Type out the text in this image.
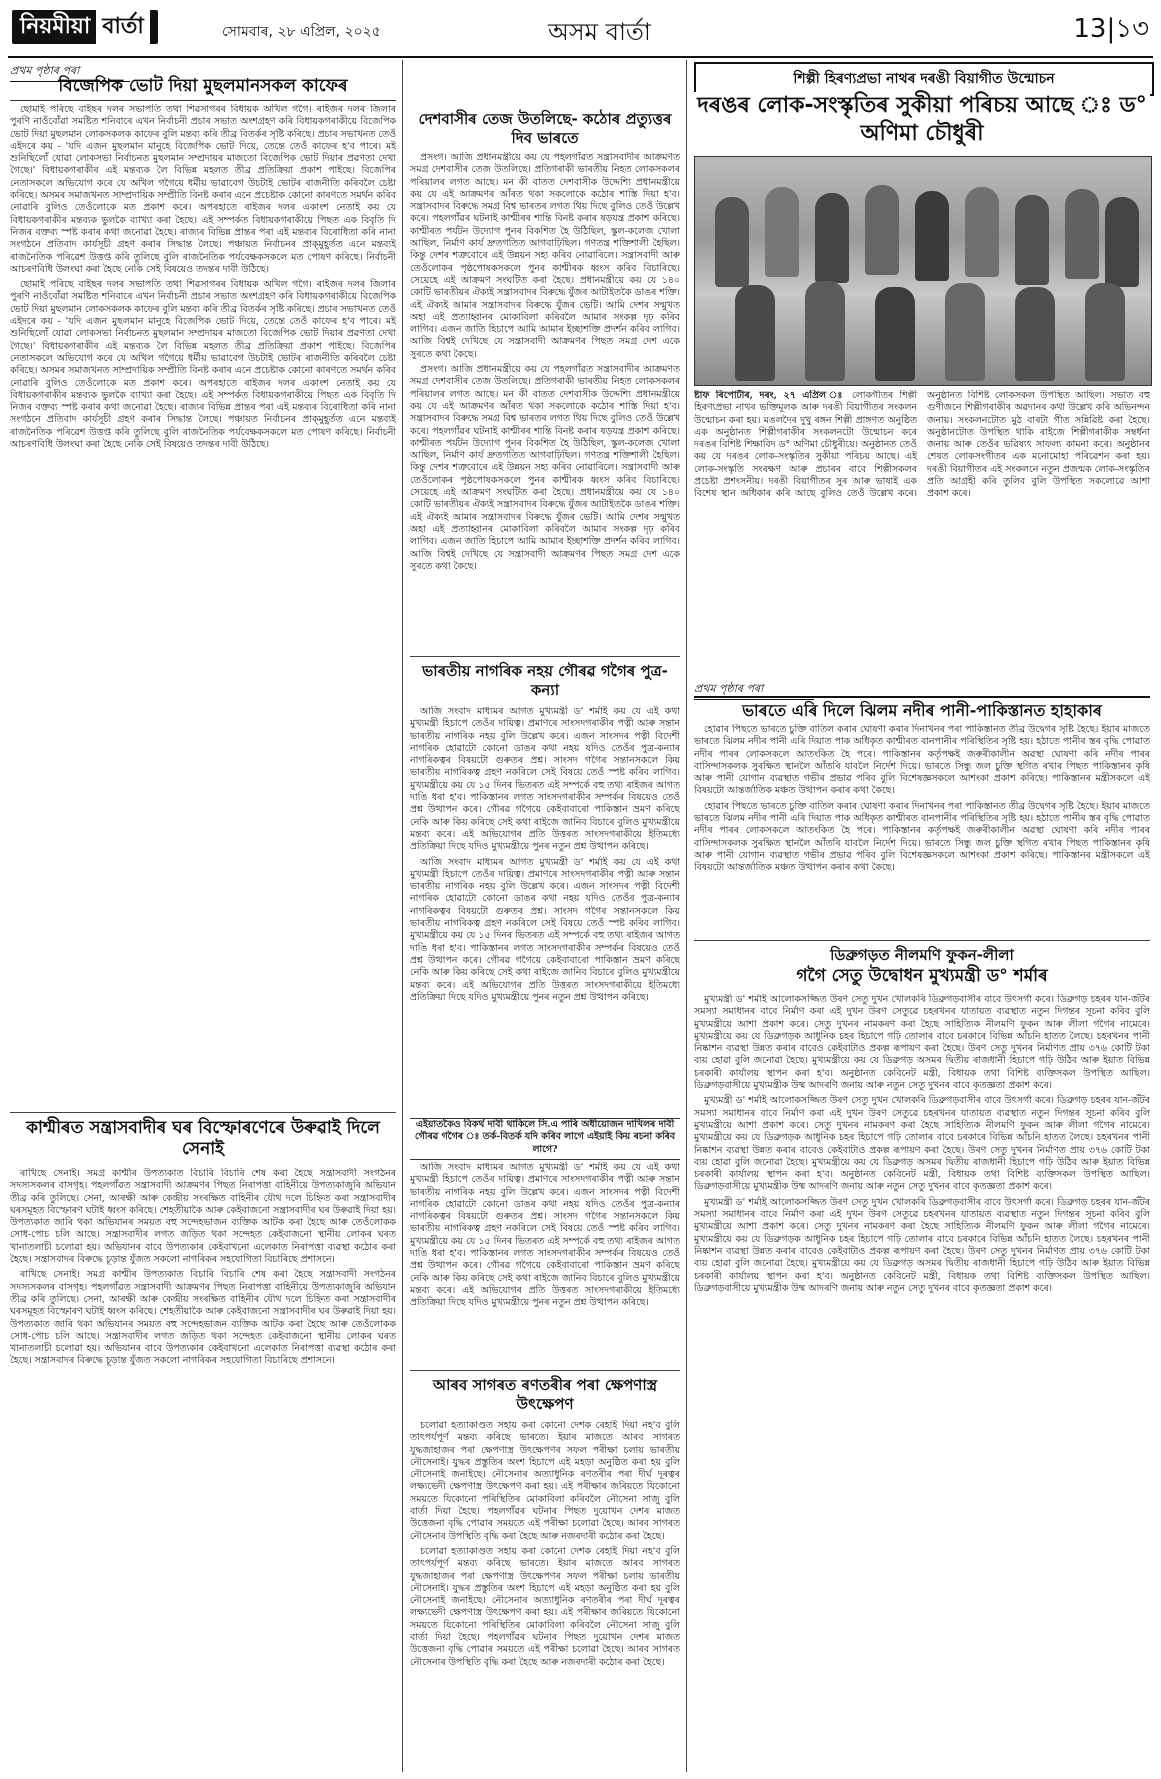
নিয়মীয়া বাৰ্তা	সোমবাৰ, ২৮ এপ্ৰিল, ২০২৫	অসম বাৰ্তা	13|১৩
প্ৰথম পৃষ্ঠাৰ পৰা
বিজেপিক ভোট দিয়া মুছলমানসকল কাফেৰ

ছোমাই পৰিছে বাইছৰ দলৰ সভাপতি তথা শিৱসাগৰৰ বিধায়ক অখিল গগৈ। ৰাইজৰ দলৰ জিলাৰ পুৰণি নাওঁবোঁৱা সমষ্টিত শনিবাৰে এখন নিৰ্বাচনী প্ৰচাৰ সভাত অংশগ্ৰহণ কৰি বিধায়কগৰাকীয়ে বিজেপিক ভোট দিয়া মুছলমান লোকসকলক কাফেৰ বুলি মন্তব্য কৰি তীব্ৰ বিতৰ্কৰ সৃষ্টি কৰিছে। প্ৰচাৰ সভাখনত তেওঁ এইদৰে কয় - 'যদি এজন মুছলমান মানুহে বিজেপিক ভোট দিয়ে, তেন্তে তেওঁ কাফেৰ হ'ব পাৰে। মই শুনিছিলোঁ যোৱা লোকসভা নিৰ্বাচনত মুছলমান সম্প্ৰদায়ৰ মাজতো বিজেপিক ভোট দিয়াৰ প্ৰৱণতা দেখা গৈছে।' বিধায়কগৰাকীৰ এই মন্তব্যক লৈ বিভিন্ন মহলত তীব্ৰ প্ৰতিক্ৰিয়া প্ৰকাশ পাইছে। বিজেপিৰ নেতাসকলে অভিযোগ কৰে যে অখিল গগৈয়ে ধৰ্মীয় ভাৱাবেগ উচটাই ভোটৰ ৰাজনীতি কৰিবলৈ চেষ্টা কৰিছে। অসমৰ সমাজখনত সাম্প্ৰদায়িক সম্প্ৰীতি বিনষ্ট কৰাৰ এনে প্ৰচেষ্টাক কোনো কাৰণতে সমৰ্থন কৰিব নোৱাৰি বুলিও তেওঁলোকে মত প্ৰকাশ কৰে। অপৰহাতে ৰাইজৰ দলৰ একাংশ নেতাই কয় যে বিধায়কগৰাকীৰ মন্তব্যক ভুলকৈ ব্যাখ্যা কৰা হৈছে। এই সম্পৰ্কত বিধায়কগৰাকীয়ে পিছত এক বিবৃতি দি নিজৰ বক্তব্য স্পষ্ট কৰাৰ কথা জনোৱা হৈছে। ৰাজ্যৰ বিভিন্ন প্ৰান্তৰ পৰা এই মন্তব্যৰ বিৰোধিতা কৰি নানা সংগঠনে প্ৰতিবাদ কাৰ্যসূচী গ্ৰহণ কৰাৰ সিদ্ধান্ত লৈছে। পঞ্চায়ত নিৰ্বাচনৰ প্ৰাক্‌মুহূৰ্তত এনে মন্তব্যই ৰাজনৈতিক পৰিৱেশ উত্তপ্ত কৰি তুলিছে বুলি ৰাজনৈতিক পৰ্যবেক্ষকসকলে মত পোষণ কৰিছে। নিৰ্বাচনী আচৰণবিধি উলংঘা কৰা হৈছে নেকি সেই বিষয়েও তদন্তৰ দাবী উঠিছে।

ছোমাই পৰিছে বাইছৰ দলৰ সভাপতি তথা শিৱসাগৰৰ বিধায়ক অখিল গগৈ। ৰাইজৰ দলৰ জিলাৰ পুৰণি নাওঁবোঁৱা সমষ্টিত শনিবাৰে এখন নিৰ্বাচনী প্ৰচাৰ সভাত অংশগ্ৰহণ কৰি বিধায়কগৰাকীয়ে বিজেপিক ভোট দিয়া মুছলমান লোকসকলক কাফেৰ বুলি মন্তব্য কৰি তীব্ৰ বিতৰ্কৰ সৃষ্টি কৰিছে। প্ৰচাৰ সভাখনত তেওঁ এইদৰে কয় - 'যদি এজন মুছলমান মানুহে বিজেপিক ভোট দিয়ে, তেন্তে তেওঁ কাফেৰ হ'ব পাৰে। মই শুনিছিলোঁ যোৱা লোকসভা নিৰ্বাচনত মুছলমান সম্প্ৰদায়ৰ মাজতো বিজেপিক ভোট দিয়াৰ প্ৰৱণতা দেখা গৈছে।' বিধায়কগৰাকীৰ এই মন্তব্যক লৈ বিভিন্ন মহলত তীব্ৰ প্ৰতিক্ৰিয়া প্ৰকাশ পাইছে। বিজেপিৰ নেতাসকলে অভিযোগ কৰে যে অখিল গগৈয়ে ধৰ্মীয় ভাৱাবেগ উচটাই ভোটৰ ৰাজনীতি কৰিবলৈ চেষ্টা কৰিছে। অসমৰ সমাজখনত সাম্প্ৰদায়িক সম্প্ৰীতি বিনষ্ট কৰাৰ এনে প্ৰচেষ্টাক কোনো কাৰণতে সমৰ্থন কৰিব নোৱাৰি বুলিও তেওঁলোকে মত প্ৰকাশ কৰে। অপৰহাতে ৰাইজৰ দলৰ একাংশ নেতাই কয় যে বিধায়কগৰাকীৰ মন্তব্যক ভুলকৈ ব্যাখ্যা কৰা হৈছে। এই সম্পৰ্কত বিধায়কগৰাকীয়ে পিছত এক বিবৃতি দি নিজৰ বক্তব্য স্পষ্ট কৰাৰ কথা জনোৱা হৈছে। ৰাজ্যৰ বিভিন্ন প্ৰান্তৰ পৰা এই মন্তব্যৰ বিৰোধিতা কৰি নানা সংগঠনে প্ৰতিবাদ কাৰ্যসূচী গ্ৰহণ কৰাৰ সিদ্ধান্ত লৈছে। পঞ্চায়ত নিৰ্বাচনৰ প্ৰাক্‌মুহূৰ্তত এনে মন্তব্যই ৰাজনৈতিক পৰিৱেশ উত্তপ্ত কৰি তুলিছে বুলি ৰাজনৈতিক পৰ্যবেক্ষকসকলে মত পোষণ কৰিছে। নিৰ্বাচনী আচৰণবিধি উলংঘা কৰা হৈছে নেকি সেই বিষয়েও তদন্তৰ দাবী উঠিছে।

কাশ্মীৰত সন্ত্ৰাসবাদীৰ ঘৰ বিস্ফোৰণেৰে উৰুৱাই দিলে সেনাই

ৰাখিছে সেনাই। সমগ্ৰ কাশ্মীৰ উপত্যকাত বিচাৰি বিচাৰি শেষ কৰা হৈছে সন্ত্ৰাসবাদী সংগঠনৰ সদস্যসকলৰ বাসগৃহ। পহলগাঁৱত সন্ত্ৰাসবাদী আক্ৰমণৰ পিছত নিৰাপত্তা বাহিনীয়ে উপত্যকাজুৰি অভিযান তীব্ৰ কৰি তুলিছে। সেনা, আৰক্ষী আৰু কেন্দ্ৰীয় সংৰক্ষিত বাহিনীৰ যৌথ দলে চিহ্নিত কৰা সন্ত্ৰাসবাদীৰ ঘৰসমূহত বিস্ফোৰণ ঘটাই ধ্বংস কৰিছে। শেহতীয়াকৈ আৰু কেইবাজনো সন্ত্ৰাসবাদীৰ ঘৰ উৰুৱাই দিয়া হয়। উপত্যকাত জাৰি থকা অভিযানৰ সময়ত বহু সন্দেহভাজন ব্যক্তিক আটক কৰা হৈছে আৰু তেওঁলোকক সোধ-পোচ চলি আছে। সন্ত্ৰাসবাদীৰ লগত জড়িত থকা সন্দেহত কেইবাজনো স্থানীয় লোকৰ ঘৰত খানাতলাচী চলোৱা হয়। অভিযানৰ বাবে উপত্যকাৰ কেইবাখনো এলেকাত নিৰাপত্তা ব্যৱস্থা কঠোৰ কৰা হৈছে। সন্ত্ৰাসবাদৰ বিৰুদ্ধে চূড়ান্ত যুঁজত সকলো নাগৰিকৰ সহযোগিতা বিচাৰিছে প্ৰশাসনে।

ৰাখিছে সেনাই। সমগ্ৰ কাশ্মীৰ উপত্যকাত বিচাৰি বিচাৰি শেষ কৰা হৈছে সন্ত্ৰাসবাদী সংগঠনৰ সদস্যসকলৰ বাসগৃহ। পহলগাঁৱত সন্ত্ৰাসবাদী আক্ৰমণৰ পিছত নিৰাপত্তা বাহিনীয়ে উপত্যকাজুৰি অভিযান তীব্ৰ কৰি তুলিছে। সেনা, আৰক্ষী আৰু কেন্দ্ৰীয় সংৰক্ষিত বাহিনীৰ যৌথ দলে চিহ্নিত কৰা সন্ত্ৰাসবাদীৰ ঘৰসমূহত বিস্ফোৰণ ঘটাই ধ্বংস কৰিছে। শেহতীয়াকৈ আৰু কেইবাজনো সন্ত্ৰাসবাদীৰ ঘৰ উৰুৱাই দিয়া হয়। উপত্যকাত জাৰি থকা অভিযানৰ সময়ত বহু সন্দেহভাজন ব্যক্তিক আটক কৰা হৈছে আৰু তেওঁলোকক সোধ-পোচ চলি আছে। সন্ত্ৰাসবাদীৰ লগত জড়িত থকা সন্দেহত কেইবাজনো স্থানীয় লোকৰ ঘৰত খানাতলাচী চলোৱা হয়। অভিযানৰ বাবে উপত্যকাৰ কেইবাখনো এলেকাত নিৰাপত্তা ব্যৱস্থা কঠোৰ কৰা হৈছে। সন্ত্ৰাসবাদৰ বিৰুদ্ধে চূড়ান্ত যুঁজত সকলো নাগৰিকৰ সহযোগিতা বিচাৰিছে প্ৰশাসনে।

দেশবাসীৰ তেজ উতলিছে- কঠোৰ প্ৰত্যুত্তৰ দিব ভাৰতে

প্ৰসংগ। আজি প্ৰধানমন্ত্ৰীয়ে কয় যে পহলগাঁৱত সন্ত্ৰাসবাদীৰ আক্ৰমণত সমগ্ৰ দেশবাসীৰ তেজ উতলিছে। প্ৰতিগৰাকী ভাৰতীয় নিহত লোকসকলৰ পৰিয়ালৰ লগত আছে। মন কী বাতত দেশবাসীক উদ্দেশ্যি প্ৰধানমন্ত্ৰীয়ে কয় যে এই আক্ৰমণৰ আঁৰত থকা সকলোকে কঠোৰ শাস্তি দিয়া হ'ব। সন্ত্ৰাসবাদৰ বিৰুদ্ধে সমগ্ৰ বিশ্ব ভাৰতৰ লগত থিয় দিছে বুলিও তেওঁ উল্লেখ কৰে। পহলগাঁৱৰ ঘটনাই কাশ্মীৰৰ শান্তি বিনষ্ট কৰাৰ ষড়যন্ত্ৰ প্ৰকাশ কৰিছে। কাশ্মীৰত পৰ্যটন উদ্যোগ পুনৰ বিকশিত হৈ উঠিছিল, স্কুল-কলেজ খোলা আছিল, নিৰ্মাণ কাৰ্য দ্ৰুতগতিত আগবাঢ়িছিল। গণতন্ত্ৰ শক্তিশালী হৈছিল। কিন্তু দেশৰ শত্ৰুবোৰে এই উন্নয়ন সহ্য কৰিব নোৱাৰিলে। সন্ত্ৰাসবাদী আৰু তেওঁলোকৰ পৃষ্ঠপোষকসকলে পুনৰ কাশ্মীৰক ধ্বংস কৰিব বিচাৰিছে। সেয়েহে এই আক্ৰমণ সংঘটিত কৰা হৈছে। প্ৰধানমন্ত্ৰীয়ে কয় যে ১৪০ কোটি ভাৰতীয়ৰ ঐক্যই সন্ত্ৰাসবাদৰ বিৰুদ্ধে যুঁজৰ আটাইতকৈ ডাঙৰ শক্তি। এই ঐক্যই আমাৰ সন্ত্ৰাসবাদৰ বিৰুদ্ধে যুঁজৰ ভেটি। আমি দেশৰ সন্মুখত অহা এই প্ৰত্যাহ্বানৰ মোকাবিলা কৰিবলৈ আমাৰ সংকল্প দৃঢ় কৰিব লাগিব। এজন জাতি হিচাপে আমি আমাৰ ইচ্ছাশক্তি প্ৰদৰ্শন কৰিব লাগিব। আজি বিশ্বই দেখিছে যে সন্ত্ৰাসবাদী আক্ৰমণৰ পিছত সমগ্ৰ দেশ একে সুৰতে কথা কৈছে।

প্ৰসংগ। আজি প্ৰধানমন্ত্ৰীয়ে কয় যে পহলগাঁৱত সন্ত্ৰাসবাদীৰ আক্ৰমণত সমগ্ৰ দেশবাসীৰ তেজ উতলিছে। প্ৰতিগৰাকী ভাৰতীয় নিহত লোকসকলৰ পৰিয়ালৰ লগত আছে। মন কী বাতত দেশবাসীক উদ্দেশ্যি প্ৰধানমন্ত্ৰীয়ে কয় যে এই আক্ৰমণৰ আঁৰত থকা সকলোকে কঠোৰ শাস্তি দিয়া হ'ব। সন্ত্ৰাসবাদৰ বিৰুদ্ধে সমগ্ৰ বিশ্ব ভাৰতৰ লগত থিয় দিছে বুলিও তেওঁ উল্লেখ কৰে। পহলগাঁৱৰ ঘটনাই কাশ্মীৰৰ শান্তি বিনষ্ট কৰাৰ ষড়যন্ত্ৰ প্ৰকাশ কৰিছে। কাশ্মীৰত পৰ্যটন উদ্যোগ পুনৰ বিকশিত হৈ উঠিছিল, স্কুল-কলেজ খোলা আছিল, নিৰ্মাণ কাৰ্য দ্ৰুতগতিত আগবাঢ়িছিল। গণতন্ত্ৰ শক্তিশালী হৈছিল। কিন্তু দেশৰ শত্ৰুবোৰে এই উন্নয়ন সহ্য কৰিব নোৱাৰিলে। সন্ত্ৰাসবাদী আৰু তেওঁলোকৰ পৃষ্ঠপোষকসকলে পুনৰ কাশ্মীৰক ধ্বংস কৰিব বিচাৰিছে। সেয়েহে এই আক্ৰমণ সংঘটিত কৰা হৈছে। প্ৰধানমন্ত্ৰীয়ে কয় যে ১৪০ কোটি ভাৰতীয়ৰ ঐক্যই সন্ত্ৰাসবাদৰ বিৰুদ্ধে যুঁজৰ আটাইতকৈ ডাঙৰ শক্তি। এই ঐক্যই আমাৰ সন্ত্ৰাসবাদৰ বিৰুদ্ধে যুঁজৰ ভেটি। আমি দেশৰ সন্মুখত অহা এই প্ৰত্যাহ্বানৰ মোকাবিলা কৰিবলৈ আমাৰ সংকল্প দৃঢ় কৰিব লাগিব। এজন জাতি হিচাপে আমি আমাৰ ইচ্ছাশক্তি প্ৰদৰ্শন কৰিব লাগিব। আজি বিশ্বই দেখিছে যে সন্ত্ৰাসবাদী আক্ৰমণৰ পিছত সমগ্ৰ দেশ একে সুৰতে কথা কৈছে।

ভাৰতীয় নাগৰিক নহয় গৌৰৱ গগৈৰ পুত্ৰ-কন্যা

আজি সংবাদ মাধ্যমৰ আগত মুখ্যমন্ত্ৰী ড' শৰ্মাই কয় যে এই কথা মুখ্যমন্ত্ৰী হিচাপে তেওঁৰ দায়িত্ব। প্ৰমাণৰে সাংসদগৰাকীৰ পত্নী আৰু সন্তান ভাৰতীয় নাগৰিক নহয় বুলি উল্লেখ কৰে। এজন সাংসদৰ পত্নী বিদেশী নাগৰিক হোৱাটো কোনো ডাঙৰ কথা নহয় যদিও তেওঁৰ পুত্ৰ-কন্যাৰ নাগৰিকত্বৰ বিষয়টো গুৰুতৰ প্ৰশ্ন। সাংসদ গগৈৰ সন্তানসকলে কিয় ভাৰতীয় নাগৰিকত্ব গ্ৰহণ নকৰিলে সেই বিষয়ে তেওঁ স্পষ্ট কৰিব লাগিব। মুখ্যমন্ত্ৰীয়ে কয় যে ১৫ দিনৰ ভিতৰত এই সম্পৰ্কে বহু তথ্য ৰাইজৰ আগত দাঙি ধৰা হ'ব। পাকিস্তানৰ লগত সাংসদগৰাকীৰ সম্পৰ্কৰ বিষয়েও তেওঁ প্ৰশ্ন উত্থাপন কৰে। গৌৰৱ গগৈয়ে কেইবাবাৰো পাকিস্তান ভ্ৰমণ কৰিছে নেকি আৰু কিয় কৰিছে সেই কথা ৰাইজে জানিব বিচাৰে বুলিও মুখ্যমন্ত্ৰীয়ে মন্তব্য কৰে। এই অভিযোগৰ প্ৰতি উত্তৰত সাংসদগৰাকীয়ে ইতিমধ্যে প্ৰতিক্ৰিয়া দিছে যদিও মুখ্যমন্ত্ৰীয়ে পুনৰ নতুন প্ৰশ্ন উত্থাপন কৰিছে।

আজি সংবাদ মাধ্যমৰ আগত মুখ্যমন্ত্ৰী ড' শৰ্মাই কয় যে এই কথা মুখ্যমন্ত্ৰী হিচাপে তেওঁৰ দায়িত্ব। প্ৰমাণৰে সাংসদগৰাকীৰ পত্নী আৰু সন্তান ভাৰতীয় নাগৰিক নহয় বুলি উল্লেখ কৰে। এজন সাংসদৰ পত্নী বিদেশী নাগৰিক হোৱাটো কোনো ডাঙৰ কথা নহয় যদিও তেওঁৰ পুত্ৰ-কন্যাৰ নাগৰিকত্বৰ বিষয়টো গুৰুতৰ প্ৰশ্ন। সাংসদ গগৈৰ সন্তানসকলে কিয় ভাৰতীয় নাগৰিকত্ব গ্ৰহণ নকৰিলে সেই বিষয়ে তেওঁ স্পষ্ট কৰিব লাগিব। মুখ্যমন্ত্ৰীয়ে কয় যে ১৫ দিনৰ ভিতৰত এই সম্পৰ্কে বহু তথ্য ৰাইজৰ আগত দাঙি ধৰা হ'ব। পাকিস্তানৰ লগত সাংসদগৰাকীৰ সম্পৰ্কৰ বিষয়েও তেওঁ প্ৰশ্ন উত্থাপন কৰে। গৌৰৱ গগৈয়ে কেইবাবাৰো পাকিস্তান ভ্ৰমণ কৰিছে নেকি আৰু কিয় কৰিছে সেই কথা ৰাইজে জানিব বিচাৰে বুলিও মুখ্যমন্ত্ৰীয়ে মন্তব্য কৰে। এই অভিযোগৰ প্ৰতি উত্তৰত সাংসদগৰাকীয়ে ইতিমধ্যে প্ৰতিক্ৰিয়া দিছে যদিও মুখ্যমন্ত্ৰীয়ে পুনৰ নতুন প্ৰশ্ন উত্থাপন কৰিছে।

এইয়াতকৈও বিকৰ্থ দাবী থাকিলে সি.এ পাৰি অধীয়োজন দাখিলৰ দাবী গৌৰৱ গগৈৰ ঃ তৰ্ক-বিতৰ্ক যদি কৰিব লাগে এইয়াই কিয় ৰচনা কৰিব লাগে?

আজি সংবাদ মাধ্যমৰ আগত মুখ্যমন্ত্ৰী ড' শৰ্মাই কয় যে এই কথা মুখ্যমন্ত্ৰী হিচাপে তেওঁৰ দায়িত্ব। প্ৰমাণৰে সাংসদগৰাকীৰ পত্নী আৰু সন্তান ভাৰতীয় নাগৰিক নহয় বুলি উল্লেখ কৰে। এজন সাংসদৰ পত্নী বিদেশী নাগৰিক হোৱাটো কোনো ডাঙৰ কথা নহয় যদিও তেওঁৰ পুত্ৰ-কন্যাৰ নাগৰিকত্বৰ বিষয়টো গুৰুতৰ প্ৰশ্ন। সাংসদ গগৈৰ সন্তানসকলে কিয় ভাৰতীয় নাগৰিকত্ব গ্ৰহণ নকৰিলে সেই বিষয়ে তেওঁ স্পষ্ট কৰিব লাগিব। মুখ্যমন্ত্ৰীয়ে কয় যে ১৫ দিনৰ ভিতৰত এই সম্পৰ্কে বহু তথ্য ৰাইজৰ আগত দাঙি ধৰা হ'ব। পাকিস্তানৰ লগত সাংসদগৰাকীৰ সম্পৰ্কৰ বিষয়েও তেওঁ প্ৰশ্ন উত্থাপন কৰে। গৌৰৱ গগৈয়ে কেইবাবাৰো পাকিস্তান ভ্ৰমণ কৰিছে নেকি আৰু কিয় কৰিছে সেই কথা ৰাইজে জানিব বিচাৰে বুলিও মুখ্যমন্ত্ৰীয়ে মন্তব্য কৰে। এই অভিযোগৰ প্ৰতি উত্তৰত সাংসদগৰাকীয়ে ইতিমধ্যে প্ৰতিক্ৰিয়া দিছে যদিও মুখ্যমন্ত্ৰীয়ে পুনৰ নতুন প্ৰশ্ন উত্থাপন কৰিছে।

আৰব সাগৰত ৰণতৰীৰ পৰা ক্ষেপণাস্ত্ৰ উৎক্ষেপণ

চলোৱা হত্যাকাণ্ডত সহায় কৰা কোনো দেশক ৰেহাই দিয়া নহ'ব বুলি তাৎপৰ্যপূৰ্ণ মন্তব্য কৰিছে ভাৰতে। ইয়াৰ মাজতে আৰব সাগৰত যুদ্ধজাহাজৰ পৰা ক্ষেপণাস্ত্ৰ উৎক্ষেপণৰ সফল পৰীক্ষা চলায় ভাৰতীয় নৌসেনাই। যুদ্ধৰ প্ৰস্তুতিৰ অংশ হিচাপে এই মহড়া অনুষ্ঠিত কৰা হয় বুলি নৌসেনাই জনাইছে। নৌসেনাৰ অত্যাধুনিক ৰণতৰীৰ পৰা দীৰ্ঘ দূৰত্বৰ লক্ষ্যভেদী ক্ষেপণাস্ত্ৰ উৎক্ষেপণ কৰা হয়। এই পৰীক্ষাৰ জৰিয়তে যিকোনো সময়তে যিকোনো পৰিস্থিতিৰ মোকাবিলা কৰিবলৈ নৌসেনা সাজু বুলি বাৰ্তা দিয়া হৈছে। পহলগাঁৱৰ ঘটনাৰ পিছত দুয়োখন দেশৰ মাজত উত্তেজনা বৃদ্ধি পোৱাৰ সময়তে এই পৰীক্ষা চলোৱা হৈছে। আৰব সাগৰত নৌসেনাৰ উপস্থিতি বৃদ্ধি কৰা হৈছে আৰু নজৰদাৰী কঠোৰ কৰা হৈছে।

চলোৱা হত্যাকাণ্ডত সহায় কৰা কোনো দেশক ৰেহাই দিয়া নহ'ব বুলি তাৎপৰ্যপূৰ্ণ মন্তব্য কৰিছে ভাৰতে। ইয়াৰ মাজতে আৰব সাগৰত যুদ্ধজাহাজৰ পৰা ক্ষেপণাস্ত্ৰ উৎক্ষেপণৰ সফল পৰীক্ষা চলায় ভাৰতীয় নৌসেনাই। যুদ্ধৰ প্ৰস্তুতিৰ অংশ হিচাপে এই মহড়া অনুষ্ঠিত কৰা হয় বুলি নৌসেনাই জনাইছে। নৌসেনাৰ অত্যাধুনিক ৰণতৰীৰ পৰা দীৰ্ঘ দূৰত্বৰ লক্ষ্যভেদী ক্ষেপণাস্ত্ৰ উৎক্ষেপণ কৰা হয়। এই পৰীক্ষাৰ জৰিয়তে যিকোনো সময়তে যিকোনো পৰিস্থিতিৰ মোকাবিলা কৰিবলৈ নৌসেনা সাজু বুলি বাৰ্তা দিয়া হৈছে। পহলগাঁৱৰ ঘটনাৰ পিছত দুয়োখন দেশৰ মাজত উত্তেজনা বৃদ্ধি পোৱাৰ সময়তে এই পৰীক্ষা চলোৱা হৈছে। আৰব সাগৰত নৌসেনাৰ উপস্থিতি বৃদ্ধি কৰা হৈছে আৰু নজৰদাৰী কঠোৰ কৰা হৈছে।

শিল্পী হিৰণ্যপ্ৰভা নাথৰ দৰঙী বিয়াগীত উন্মোচন
দৰঙৰ লোক-সংস্কৃতিৰ সুকীয়া পৰিচয় আছে ঃ ড° অণিমা চৌধুৰী

ষ্টাফ ৰিপোৰ্টাৰ, দৰং, ২৭ এপ্ৰিল ঃ লোকগীতৰ শিল্পী হিৰণ্যপ্ৰভা নাথৰ ভক্তিমূলক আৰু দৰঙী বিয়াগীতৰ সংকলন উন্মোচন কৰা হয়। মঙলদৈৰ দুখু ৰঙ্গন শিল্পী প্ৰাঙ্গণত অনুষ্ঠিত এক অনুষ্ঠানত শিল্পীগৰাকীৰ সংকলনটো উন্মোচন কৰে দৰঙৰ বিশিষ্ট শিক্ষাবিদ ড° অণিমা চৌধুৰীয়ে। অনুষ্ঠানত তেওঁ কয় যে দৰঙৰ লোক-সংস্কৃতিৰ সুকীয়া পৰিচয় আছে। এই লোক-সংস্কৃতি সংৰক্ষণ আৰু প্ৰচাৰৰ বাবে শিল্পীসকলৰ প্ৰচেষ্টা প্ৰশংসনীয়। দৰঙী বিয়াগীতৰ সুৰ আৰু ভাষাই এক বিশেষ স্থান অধিকাৰ কৰি আছে বুলিও তেওঁ উল্লেখ কৰে। অনুষ্ঠানত বিশিষ্ট লোকসকল উপস্থিত আছিল। সভাত বহু গুণীজনে শিল্পীগৰাকীৰ অৱদানৰ কথা উল্লেখ কৰি অভিনন্দন জনায়। সংকলনটোত মুঠ বাৰটা গীত সন্নিৱিষ্ট কৰা হৈছে। অনুষ্ঠানটোত উপস্থিত থাকি ৰাইজে শিল্পীগৰাকীক সম্বৰ্ধনা জনায় আৰু তেওঁৰ ভৱিষ্যৎ সাফল্য কামনা কৰে। অনুষ্ঠানৰ শেষত লোকসংগীতৰ এক মনোমোহা পৰিৱেশন কৰা হয়। দৰঙী বিয়াগীতৰ এই সংকলনে নতুন প্ৰজন্মক লোক-সংস্কৃতিৰ প্ৰতি আগ্ৰহী কৰি তুলিব বুলি উপস্থিত সকলোৱে আশা প্ৰকাশ কৰে।

প্ৰথম পৃষ্ঠাৰ পৰা
ভাৰতে এৰি দিলে ঝিলম নদীৰ পানী-পাকিস্তানত হাহাকাৰ

হোৱাৰ পিছতে ভাৰতে চুক্তি বাতিল কৰাৰ ঘোষণা কৰাৰ দিনাখনৰ পৰা পাকিস্তানত তীব্ৰ উদ্বেগৰ সৃষ্টি হৈছে। ইয়াৰ মাজতে ভাৰতে ঝিলম নদীৰ পানী এৰি দিয়াত পাক অধিকৃত কাশ্মীৰত বানপানীৰ পৰিস্থিতিৰ সৃষ্টি হয়। হঠাতে পানীৰ স্তৰ বৃদ্ধি পোৱাত নদীৰ পাৰৰ লোকসকলে আতংকিত হৈ পৰে। পাকিস্তানৰ কৰ্তৃপক্ষই জৰুৰীকালীন অৱস্থা ঘোষণা কৰি নদীৰ পাৰৰ বাসিন্দাসকলক সুৰক্ষিত স্থানলৈ আঁতৰি যাবলৈ নিৰ্দেশ দিয়ে। ভাৰতে সিন্ধু জল চুক্তি স্থগিত ৰখাৰ পিছত পাকিস্তানৰ কৃষি আৰু পানী যোগান ব্যৱস্থাত গভীৰ প্ৰভাৱ পৰিব বুলি বিশেষজ্ঞসকলে আশংকা প্ৰকাশ কৰিছে। পাকিস্তানৰ মন্ত্ৰীসকলে এই বিষয়টো আন্তৰ্জাতিক মঞ্চত উত্থাপন কৰাৰ কথা কৈছে।

হোৱাৰ পিছতে ভাৰতে চুক্তি বাতিল কৰাৰ ঘোষণা কৰাৰ দিনাখনৰ পৰা পাকিস্তানত তীব্ৰ উদ্বেগৰ সৃষ্টি হৈছে। ইয়াৰ মাজতে ভাৰতে ঝিলম নদীৰ পানী এৰি দিয়াত পাক অধিকৃত কাশ্মীৰত বানপানীৰ পৰিস্থিতিৰ সৃষ্টি হয়। হঠাতে পানীৰ স্তৰ বৃদ্ধি পোৱাত নদীৰ পাৰৰ লোকসকলে আতংকিত হৈ পৰে। পাকিস্তানৰ কৰ্তৃপক্ষই জৰুৰীকালীন অৱস্থা ঘোষণা কৰি নদীৰ পাৰৰ বাসিন্দাসকলক সুৰক্ষিত স্থানলৈ আঁতৰি যাবলৈ নিৰ্দেশ দিয়ে। ভাৰতে সিন্ধু জল চুক্তি স্থগিত ৰখাৰ পিছত পাকিস্তানৰ কৃষি আৰু পানী যোগান ব্যৱস্থাত গভীৰ প্ৰভাৱ পৰিব বুলি বিশেষজ্ঞসকলে আশংকা প্ৰকাশ কৰিছে। পাকিস্তানৰ মন্ত্ৰীসকলে এই বিষয়টো আন্তৰ্জাতিক মঞ্চত উত্থাপন কৰাৰ কথা কৈছে।

ডিব্ৰুগড়ত নীলমণি ফুকন-লীলা
গগৈ সেতু উদ্বোধন মুখ্যমন্ত্ৰী ড° শৰ্মাৰ

মুখ্যমন্ত্ৰী ড' শৰ্মাই আলোকসজ্জিত উৰণ সেতু দুখন খোলকৰি ডিব্ৰুগড়বাসীৰ বাবে উৎসৰ্গা কৰে। ডিব্ৰুগড় চহৰৰ যান-জঁটৰ সমস্যা সমাধানৰ বাবে নিৰ্মাণ কৰা এই দুখন উৰণ সেতুৱে চহৰখনৰ যাতায়ত ব্যৱস্থাত নতুন দিগন্তৰ সূচনা কৰিব বুলি মুখ্যমন্ত্ৰীয়ে আশা প্ৰকাশ কৰে। সেতু দুখনৰ নামকৰণ কৰা হৈছে সাহিত্যিক নীলমণি ফুকন আৰু লীলা গগৈৰ নামেৰে। মুখ্যমন্ত্ৰীয়ে কয় যে ডিব্ৰুগড়ক আধুনিক চহৰ হিচাপে গঢ়ি তোলাৰ বাবে চৰকাৰে বিভিন্ন আঁচনি হাতত লৈছে। চহৰখনৰ পানী নিষ্কাশন ব্যৱস্থা উন্নত কৰাৰ বাবেও কেইবাটাও প্ৰকল্প ৰূপায়ণ কৰা হৈছে। উৰণ সেতু দুখনৰ নিৰ্মাণত প্ৰায় ৩৭৬ কোটি টকা ব্যয় হোৱা বুলি জনোৱা হৈছে। মুখ্যমন্ত্ৰীয়ে কয় যে ডিব্ৰুগড় অসমৰ দ্বিতীয় ৰাজধানী হিচাপে গঢ়ি উঠিব আৰু ইয়াত বিভিন্ন চৰকাৰী কাৰ্যালয় স্থাপন কৰা হ'ব। অনুষ্ঠানত কেবিনেট মন্ত্ৰী, বিধায়ক তথা বিশিষ্ট ব্যক্তিসকল উপস্থিত আছিল। ডিব্ৰুগড়বাসীয়ে মুখ্যমন্ত্ৰীক উষ্ম আদৰণি জনায় আৰু নতুন সেতু দুখনৰ বাবে কৃতজ্ঞতা প্ৰকাশ কৰে।

মুখ্যমন্ত্ৰী ড' শৰ্মাই আলোকসজ্জিত উৰণ সেতু দুখন খোলকৰি ডিব্ৰুগড়বাসীৰ বাবে উৎসৰ্গা কৰে। ডিব্ৰুগড় চহৰৰ যান-জঁটৰ সমস্যা সমাধানৰ বাবে নিৰ্মাণ কৰা এই দুখন উৰণ সেতুৱে চহৰখনৰ যাতায়ত ব্যৱস্থাত নতুন দিগন্তৰ সূচনা কৰিব বুলি মুখ্যমন্ত্ৰীয়ে আশা প্ৰকাশ কৰে। সেতু দুখনৰ নামকৰণ কৰা হৈছে সাহিত্যিক নীলমণি ফুকন আৰু লীলা গগৈৰ নামেৰে। মুখ্যমন্ত্ৰীয়ে কয় যে ডিব্ৰুগড়ক আধুনিক চহৰ হিচাপে গঢ়ি তোলাৰ বাবে চৰকাৰে বিভিন্ন আঁচনি হাতত লৈছে। চহৰখনৰ পানী নিষ্কাশন ব্যৱস্থা উন্নত কৰাৰ বাবেও কেইবাটাও প্ৰকল্প ৰূপায়ণ কৰা হৈছে। উৰণ সেতু দুখনৰ নিৰ্মাণত প্ৰায় ৩৭৬ কোটি টকা ব্যয় হোৱা বুলি জনোৱা হৈছে। মুখ্যমন্ত্ৰীয়ে কয় যে ডিব্ৰুগড় অসমৰ দ্বিতীয় ৰাজধানী হিচাপে গঢ়ি উঠিব আৰু ইয়াত বিভিন্ন চৰকাৰী কাৰ্যালয় স্থাপন কৰা হ'ব। অনুষ্ঠানত কেবিনেট মন্ত্ৰী, বিধায়ক তথা বিশিষ্ট ব্যক্তিসকল উপস্থিত আছিল। ডিব্ৰুগড়বাসীয়ে মুখ্যমন্ত্ৰীক উষ্ম আদৰণি জনায় আৰু নতুন সেতু দুখনৰ বাবে কৃতজ্ঞতা প্ৰকাশ কৰে।

মুখ্যমন্ত্ৰী ড' শৰ্মাই আলোকসজ্জিত উৰণ সেতু দুখন খোলকৰি ডিব্ৰুগড়বাসীৰ বাবে উৎসৰ্গা কৰে। ডিব্ৰুগড় চহৰৰ যান-জঁটৰ সমস্যা সমাধানৰ বাবে নিৰ্মাণ কৰা এই দুখন উৰণ সেতুৱে চহৰখনৰ যাতায়ত ব্যৱস্থাত নতুন দিগন্তৰ সূচনা কৰিব বুলি মুখ্যমন্ত্ৰীয়ে আশা প্ৰকাশ কৰে। সেতু দুখনৰ নামকৰণ কৰা হৈছে সাহিত্যিক নীলমণি ফুকন আৰু লীলা গগৈৰ নামেৰে। মুখ্যমন্ত্ৰীয়ে কয় যে ডিব্ৰুগড়ক আধুনিক চহৰ হিচাপে গঢ়ি তোলাৰ বাবে চৰকাৰে বিভিন্ন আঁচনি হাতত লৈছে। চহৰখনৰ পানী নিষ্কাশন ব্যৱস্থা উন্নত কৰাৰ বাবেও কেইবাটাও প্ৰকল্প ৰূপায়ণ কৰা হৈছে। উৰণ সেতু দুখনৰ নিৰ্মাণত প্ৰায় ৩৭৬ কোটি টকা ব্যয় হোৱা বুলি জনোৱা হৈছে। মুখ্যমন্ত্ৰীয়ে কয় যে ডিব্ৰুগড় অসমৰ দ্বিতীয় ৰাজধানী হিচাপে গঢ়ি উঠিব আৰু ইয়াত বিভিন্ন চৰকাৰী কাৰ্যালয় স্থাপন কৰা হ'ব। অনুষ্ঠানত কেবিনেট মন্ত্ৰী, বিধায়ক তথা বিশিষ্ট ব্যক্তিসকল উপস্থিত আছিল। ডিব্ৰুগড়বাসীয়ে মুখ্যমন্ত্ৰীক উষ্ম আদৰণি জনায় আৰু নতুন সেতু দুখনৰ বাবে কৃতজ্ঞতা প্ৰকাশ কৰে।
